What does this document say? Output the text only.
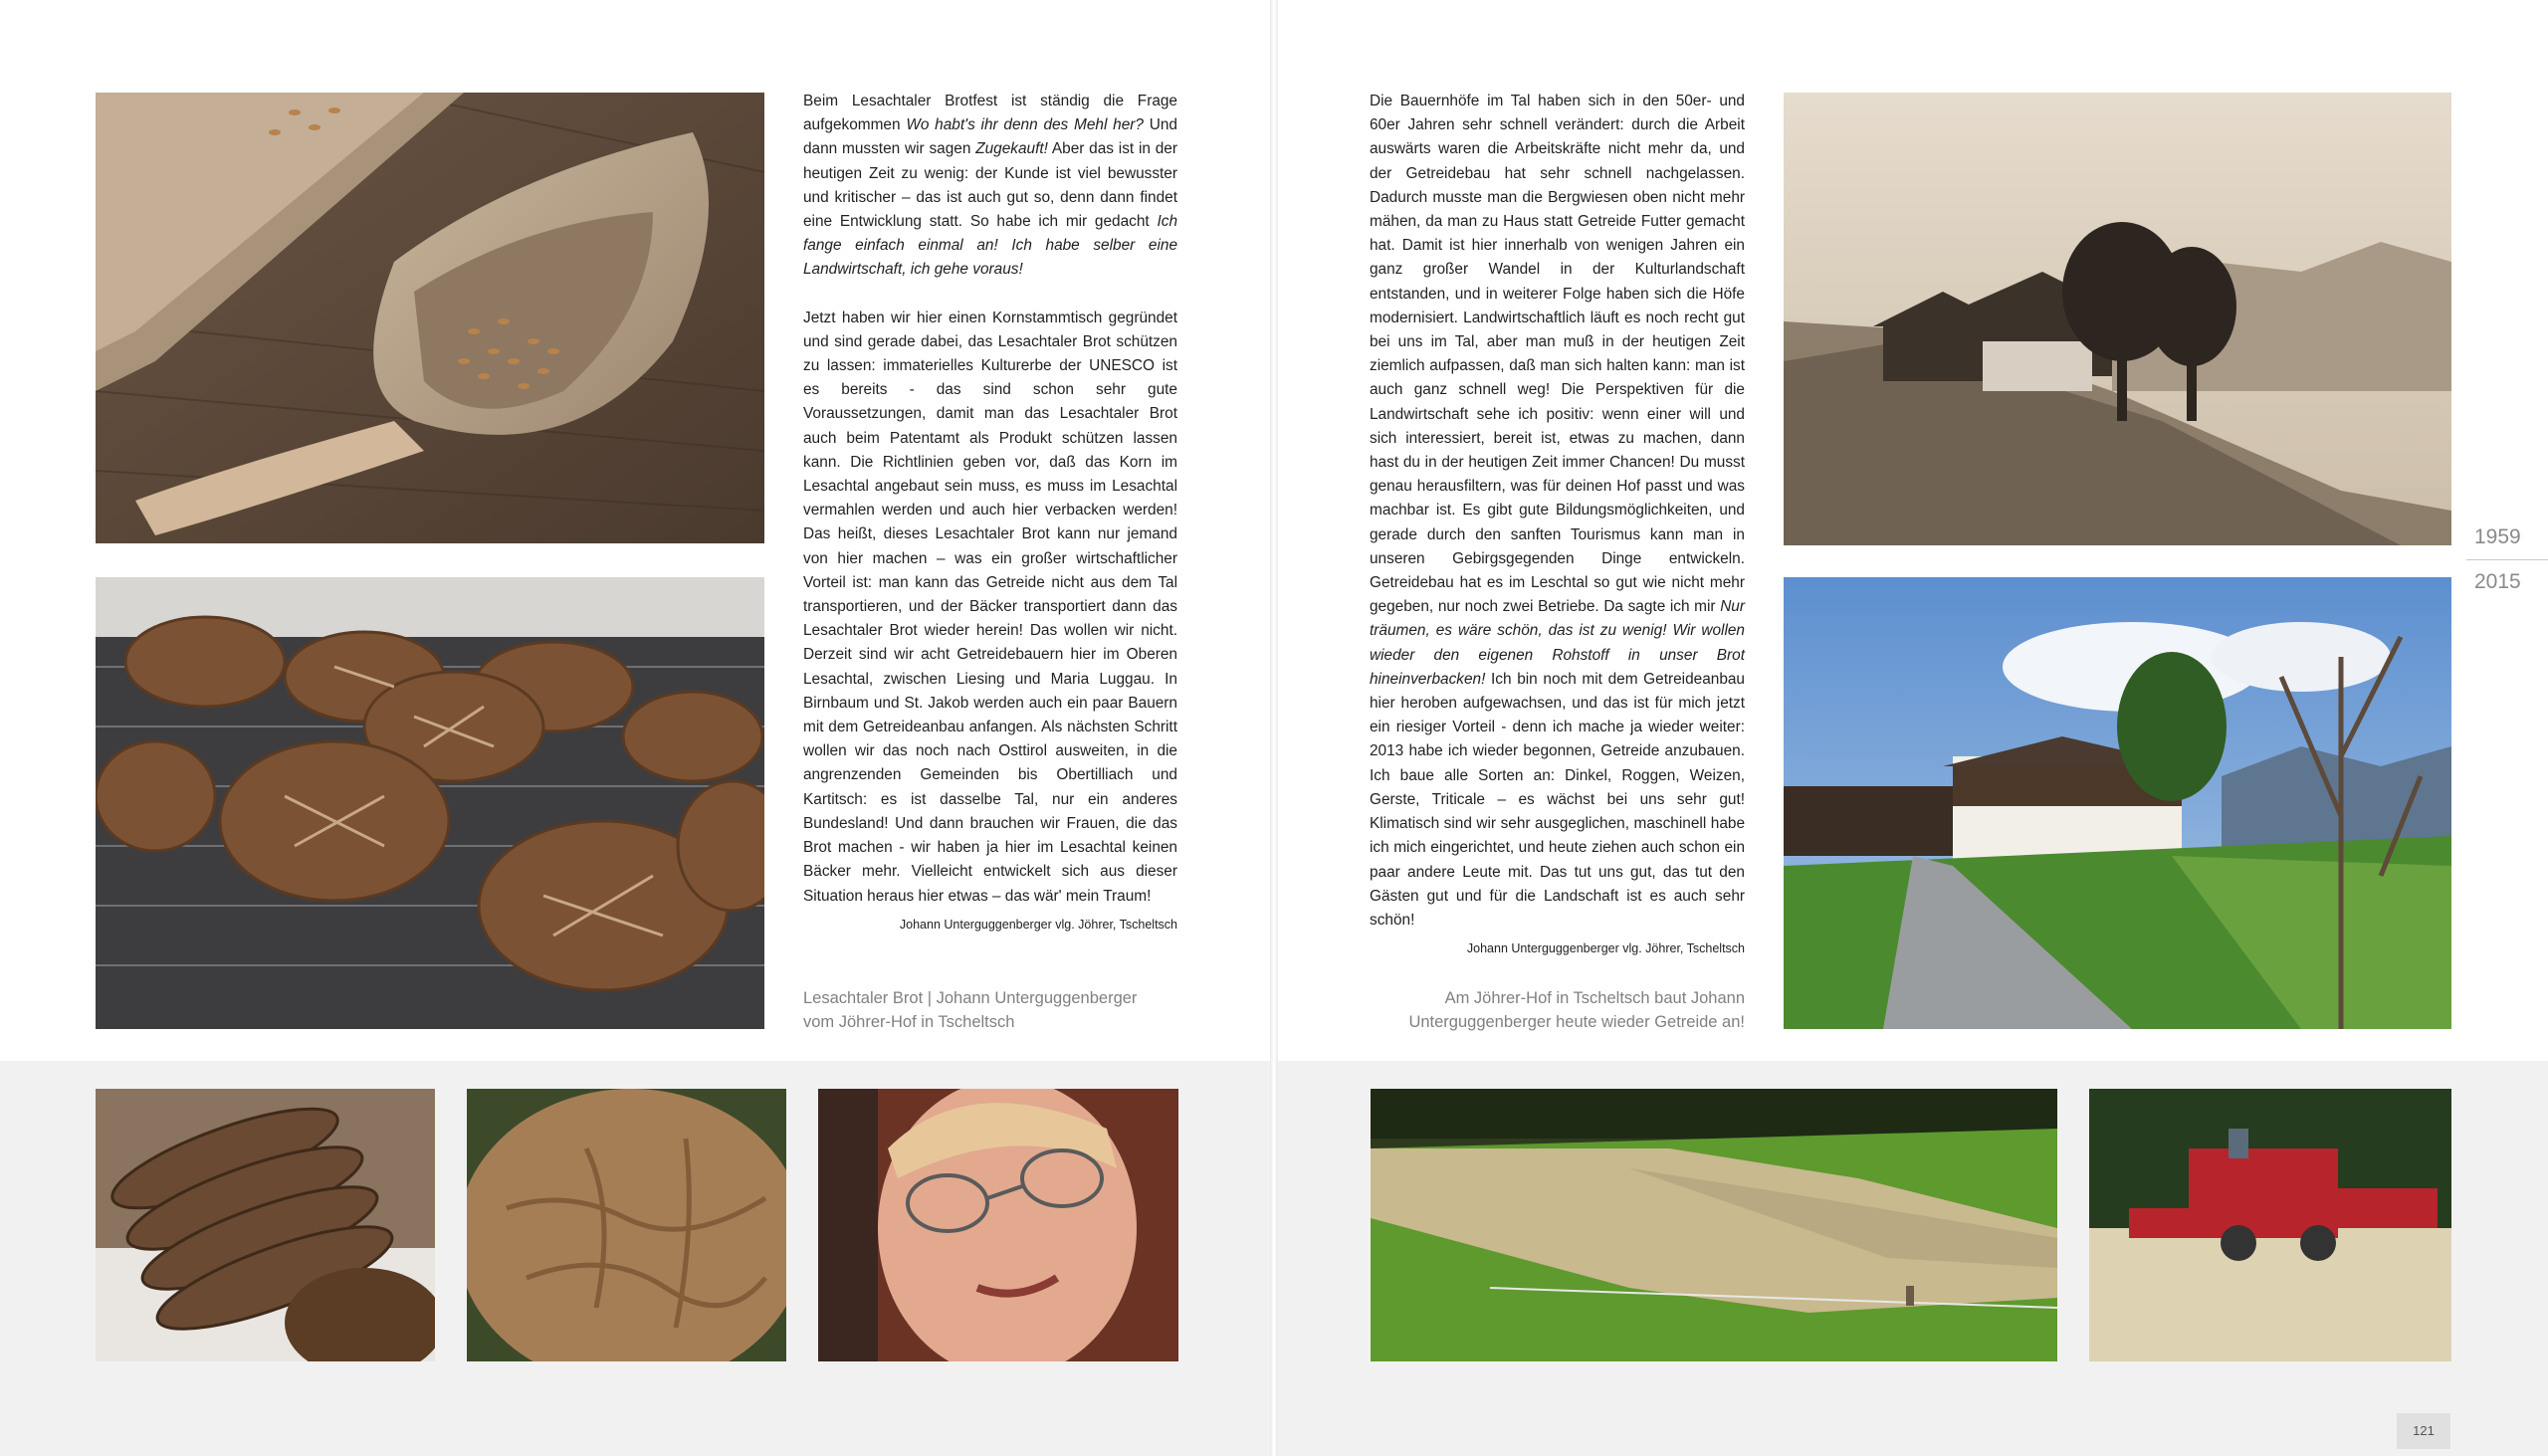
Beim Lesachtaler Brotfest ist ständig die Frage aufgekommen Wo habt's ihr denn des Mehl her? Und dann mussten wir sagen Zugekauft! Aber das ist in der heutigen Zeit zu wenig: der Kunde ist viel bewusster und kritischer – das ist auch gut so, denn dann findet eine Entwicklung statt. So habe ich mir gedacht Ich fange einfach einmal an! Ich habe selber eine Landwirtschaft, ich gehe voraus!

Jetzt haben wir hier einen Kornstammtisch gegründet und sind gerade dabei, das Lesachtaler Brot schützen zu lassen: immaterielles Kulturerbe der UNESCO ist es bereits - das sind schon sehr gute Voraussetzungen, damit man das Lesachtaler Brot auch beim Patentamt als Produkt schützen lassen kann. Die Richtlinien geben vor, daß das Korn im Lesachtal angebaut sein muss, es muss im Lesachtal vermahlen werden und auch hier verbacken werden! Das heißt, dieses Lesachtaler Brot kann nur jemand von hier machen – was ein großer wirtschaftlicher Vorteil ist: man kann das Getreide nicht aus dem Tal transportieren, und der Bäcker transportiert dann das Lesachtaler Brot wieder herein! Das wollen wir nicht. Derzeit sind wir acht Getreidebauern hier im Oberen Lesachtal, zwischen Liesing und Maria Luggau. In Birnbaum und St. Jakob werden auch ein paar Bauern mit dem Getreideanbau anfangen. Als nächsten Schritt wollen wir das noch nach Osttirol ausweiten, in die angrenzenden Gemeinden bis Obertilliach und Kartitsch: es ist dasselbe Tal, nur ein anderes Bundesland! Und dann brauchen wir Frauen, die das Brot machen - wir haben ja hier im Lesachtal keinen Bäcker mehr. Vielleicht entwickelt sich aus dieser Situation heraus hier etwas – das wär' mein Traum!

Johann Unterguggenberger vlg. Jöhrer, Tscheltsch
Lesachtaler Brot | Johann Unterguggenberger
vom Jöhrer-Hof in Tscheltsch

Die Bauernhöfe im Tal haben sich in den 50er- und 60er Jahren sehr schnell verändert: durch die Arbeit auswärts waren die Arbeitskräfte nicht mehr da, und der Getreidebau hat sehr schnell nachgelassen. Dadurch musste man die Bergwiesen oben nicht mehr mähen, da man zu Haus statt Getreide Futter gemacht hat. Damit ist hier innerhalb von wenigen Jahren ein ganz großer Wandel in der Kulturlandschaft entstanden, und in weiterer Folge haben sich die Höfe modernisiert. Landwirtschaftlich läuft es noch recht gut bei uns im Tal, aber man muß in der heutigen Zeit ziemlich aufpassen, daß man sich halten kann: man ist auch ganz schnell weg! Die Perspektiven für die Landwirtschaft sehe ich positiv: wenn einer will und sich interessiert, bereit ist, etwas zu machen, dann hast du in der heutigen Zeit immer Chancen! Du musst genau herausfiltern, was für deinen Hof passt und was machbar ist. Es gibt gute Bildungsmöglichkeiten, und gerade durch den sanften Tourismus kann man in unseren Gebirgsgegenden Dinge entwickeln. Getreidebau hat es im Leschtal so gut wie nicht mehr gegeben, nur noch zwei Betriebe. Da sagte ich mir Nur träumen, es wäre schön, das ist zu wenig! Wir wollen wieder den eigenen Rohstoff in unser Brot hineinverbacken! Ich bin noch mit dem Getreideanbau hier heroben aufgewachsen, und das ist für mich jetzt ein riesiger Vorteil - denn ich mache ja wieder weiter: 2013 habe ich wieder begonnen, Getreide anzubauen. Ich baue alle Sorten an: Dinkel, Roggen, Weizen, Gerste, Triticale – es wächst bei uns sehr gut! Klimatisch sind wir sehr ausgeglichen, maschinell habe ich mich eingerichtet, und heute ziehen auch schon ein paar andere Leute mit. Das tut uns gut, das tut den Gästen gut und für die Landschaft ist es auch sehr schön!

Johann Unterguggenberger vlg. Jöhrer, Tscheltsch
Am Jöhrer-Hof in Tscheltsch baut Johann
Unterguggenberger heute wieder Getreide an!
1959
2015
121
